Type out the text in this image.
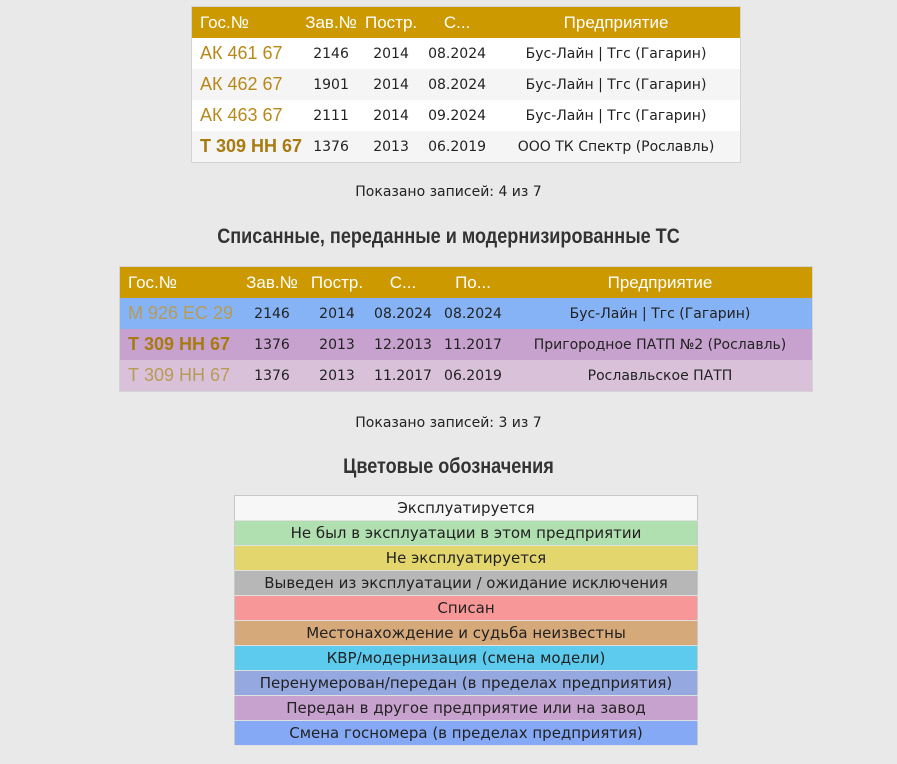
Гос.№	Зав.№	Постр.	С...	Предприятие
АК 461 67	2146	2014	08.2024	Бус-Лайн | Тгс (Гагарин)
АК 462 67	1901	2014	08.2024	Бус-Лайн | Тгс (Гагарин)
АК 463 67	2111	2014	09.2024	Бус-Лайн | Тгс (Гагарин)
Т 309 НН 67	1376	2013	06.2019	ООО ТК Спектр (Рославль)
Показано записей: 4 из 7
Списанные, переданные и модернизированные ТС
Гос.№	Зав.№	Постр.	С...	По...	Предприятие
М 926 ЕС 29	2146	2014	08.2024	08.2024	Бус-Лайн | Тгс (Гагарин)
Т 309 НН 67	1376	2013	12.2013	11.2017	Пригородное ПАТП №2 (Рославль)
Т 309 НН 67	1376	2013	11.2017	06.2019	Рославльское ПАТП
Показано записей: 3 из 7
Цветовые обозначения
Эксплуатируется
Не был в эксплуатации в этом предприятии
Не эксплуатируется
Выведен из эксплуатации / ожидание исключения
Списан
Местонахождение и судьба неизвестны
КВР/модернизация (смена модели)
Перенумерован/передан (в пределах предприятия)
Передан в другое предприятие или на завод
Смена госномера (в пределах предприятия)
